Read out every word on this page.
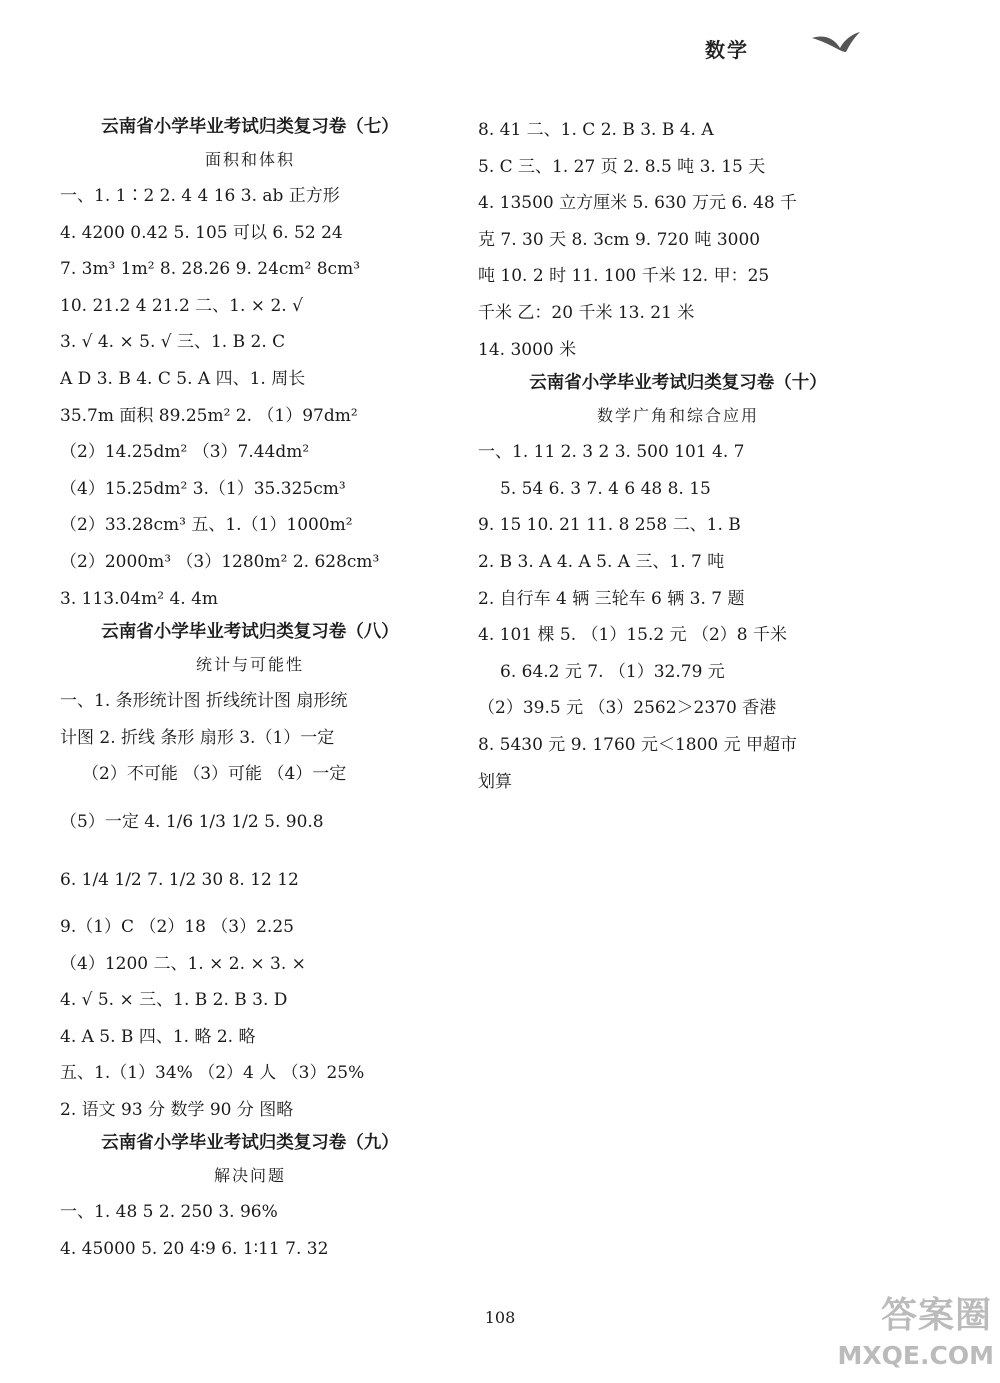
数学
云南省小学毕业考试归类复习卷（七）
面积和体积
一、1. 1∶2 2. 4 4 16 3. ab 正方形
4. 4200 0.42 5. 105 可以 6. 52 24
7. 3m³ 1m² 8. 28.26 9. 24cm² 8cm³
10. 21.2 4 21.2 二、1. × 2. √
3. √ 4. × 5. √ 三、1. B 2. C
A D 3. B 4. C 5. A 四、1. 周长
35.7m 面积 89.25m² 2. （1）97dm²
（2）14.25dm² （3）7.44dm²
（4）15.25dm² 3.（1）35.325cm³
（2）33.28cm³ 五、1.（1）1000m²
（2）2000m³ （3）1280m² 2. 628cm³
3. 113.04m² 4. 4m
云南省小学毕业考试归类复习卷（八）
统计与可能性
一、1. 条形统计图 折线统计图 扇形统
计图 2. 折线 条形 扇形 3.（1）一定
（2）不可能 （3）可能 （4）一定
（5）一定 4. 1/6 1/3 1/2 5. 90.8
6. 1/4 1/2 7. 1/2 30 8. 12 12
9.（1）C （2）18 （3）2.25
（4）1200 二、1. × 2. × 3. ×
4. √ 5. × 三、1. B 2. B 3. D
4. A 5. B 四、1. 略 2. 略
五、1.（1）34% （2）4 人 （3）25%
2. 语文 93 分 数学 90 分 图略
云南省小学毕业考试归类复习卷（九）
解决问题
一、1. 48 5 2. 250 3. 96%
4. 45000 5. 20 4∶9 6. 1∶11 7. 32
8. 41 二、1. C 2. B 3. B 4. A
5. C 三、1. 27 页 2. 8.5 吨 3. 15 天
4. 13500 立方厘米 5. 630 万元 6. 48 千
克 7. 30 天 8. 3cm 9. 720 吨 3000
吨 10. 2 时 11. 100 千米 12. 甲：25
千米 乙：20 千米 13. 21 米
14. 3000 米
云南省小学毕业考试归类复习卷（十）
数学广角和综合应用
一、1. 11 2. 3 2 3. 500 101 4. 7
5. 54 6. 3 7. 4 6 48 8. 15
9. 15 10. 21 11. 8 258 二、1. B
2. B 3. A 4. A 5. A 三、1. 7 吨
2. 自行车 4 辆 三轮车 6 辆 3. 7 题
4. 101 棵 5. （1）15.2 元 （2）8 千米
6. 64.2 元 7. （1）32.79 元
（2）39.5 元 （3）2562＞2370 香港
8. 5430 元 9. 1760 元＜1800 元 甲超市
划算
108	答案圈
MXQE.COM
